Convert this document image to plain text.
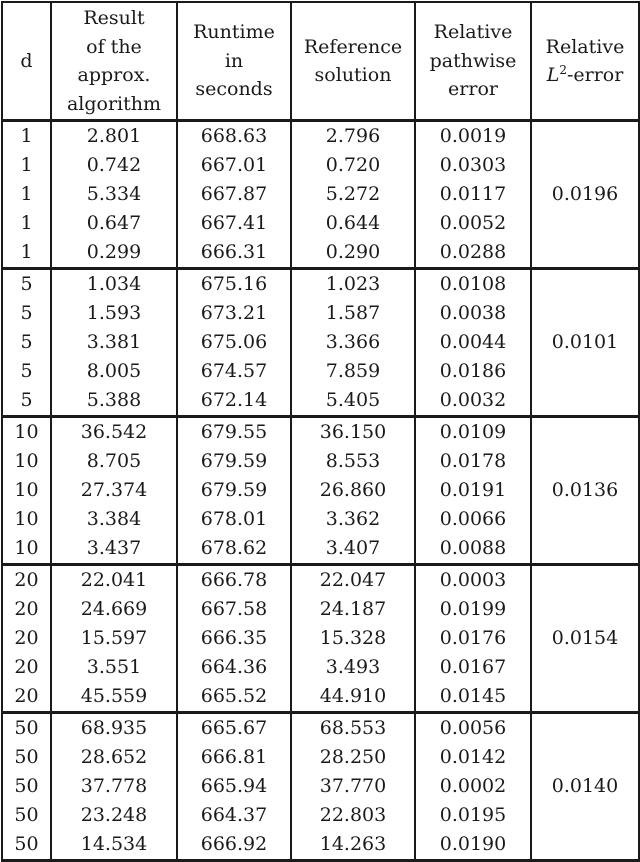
d	Result
of the
approx.
algorithm	Runtime
in
seconds	Reference
solution	Relative
pathwise
error	Relative
$L^2$-error

1	2.801	668.63	2.796	0.0019	0.0196
1	0.742	667.01	0.720	0.0303	
1	5.334	667.87	5.272	0.0117	
1	0.647	667.41	0.644	0.0052	
1	0.299	666.31	0.290	0.0288	
5	1.034	675.16	1.023	0.0108	0.0101
5	1.593	673.21	1.587	0.0038	
5	3.381	675.06	3.366	0.0044	
5	8.005	674.57	7.859	0.0186	
5	5.388	672.14	5.405	0.0032	
10	36.542	679.55	36.150	0.0109	0.0136
10	8.705	679.59	8.553	0.0178	
10	27.374	679.59	26.860	0.0191	
10	3.384	678.01	3.362	0.0066	
10	3.437	678.62	3.407	0.0088	
20	22.041	666.78	22.047	0.0003	0.0154
20	24.669	667.58	24.187	0.0199	
20	15.597	666.35	15.328	0.0176	
20	3.551	664.36	3.493	0.0167	
20	45.559	665.52	44.910	0.0145	
50	68.935	665.67	68.553	0.0056	0.0140
50	28.652	666.81	28.250	0.0142	
50	37.778	665.94	37.770	0.0002	
50	23.248	664.37	22.803	0.0195	
50	14.534	666.92	14.263	0.0190	
